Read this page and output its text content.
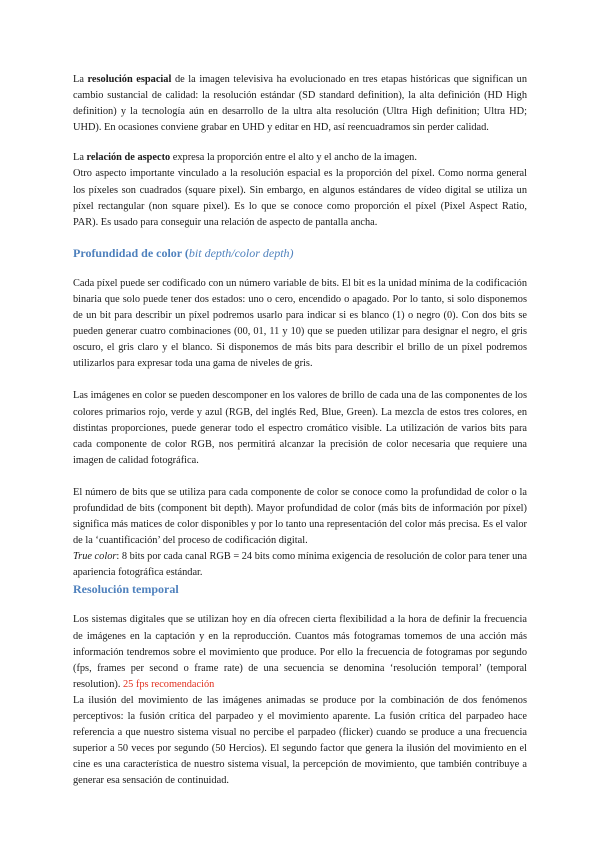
La resolución espacial de la imagen televisiva ha evolucionado en tres etapas históricas que significan un cambio sustancial de calidad: la resolución estándar (SD standard definition), la alta definición (HD High definition) y la tecnología aún en desarrollo de la ultra alta resolución (Ultra High definition; Ultra HD; UHD). En ocasiones conviene grabar en UHD y editar en HD, así reencuadramos sin perder calidad.

La relación de aspecto expresa la proporción entre el alto y el ancho de la imagen.

Otro aspecto importante vinculado a la resolución espacial es la proporción del píxel. Como norma general los píxeles son cuadrados (square pixel). Sin embargo, en algunos estándares de vídeo digital se utiliza un píxel rectangular (non square pixel). Es lo que se conoce como proporción el píxel (Pixel Aspect Ratio, PAR). Es usado para conseguir una relación de aspecto de pantalla ancha.

Profundidad de color (bit depth/color depth)

Cada píxel puede ser codificado con un número variable de bits. El bit es la unidad mínima de la codificación binaria que solo puede tener dos estados: uno o cero, encendido o apagado. Por lo tanto, si solo disponemos de un bit para describir un píxel podremos usarlo para indicar si es blanco (1) o negro (0). Con dos bits se pueden generar cuatro combinaciones (00, 01, 11 y 10) que se pueden utilizar para designar el negro, el gris oscuro, el gris claro y el blanco. Si disponemos de más bits para describir el brillo de un píxel podremos utilizarlos para expresar toda una gama de niveles de gris.

Las imágenes en color se pueden descomponer en los valores de brillo de cada una de las componentes de los colores primarios rojo, verde y azul (RGB, del inglés Red, Blue, Green). La mezcla de estos tres colores, en distintas proporciones, puede generar todo el espectro cromático visible. La utilización de varios bits para cada componente de color RGB, nos permitirá alcanzar la precisión de color necesaria que requiere una imagen de calidad fotográfica.

El número de bits que se utiliza para cada componente de color se conoce como la profundidad de color o la profundidad de bits (component bit depth). Mayor profundidad de color (más bits de información por píxel) significa más matices de color disponibles y por lo tanto una representación del color más precisa. Es el valor de la ‘cuantificación’ del proceso de codificación digital.

True color: 8 bits por cada canal RGB = 24 bits como mínima exigencia de resolución de color para tener una apariencia fotográfica estándar.

Resolución temporal

Los sistemas digitales que se utilizan hoy en día ofrecen cierta flexibilidad a la hora de definir la frecuencia de imágenes en la captación y en la reproducción. Cuantos más fotogramas tomemos de una acción más información tendremos sobre el movimiento que produce. Por ello la frecuencia de fotogramas por segundo (fps, frames per second o frame rate) de una secuencia se denomina ‘resolución temporal’ (temporal resolution). 25 fps recomendación

La ilusión del movimiento de las imágenes animadas se produce por la combinación de dos fenómenos perceptivos: la fusión crítica del parpadeo y el movimiento aparente. La fusión crítica del parpadeo hace referencia a que nuestro sistema visual no percibe el parpadeo (flicker) cuando se produce a una frecuencia superior a 50 veces por segundo (50 Hercios). El segundo factor que genera la ilusión del movimiento en el cine es una característica de nuestro sistema visual, la percepción de movimiento, que también contribuye a generar esa sensación de continuidad.
